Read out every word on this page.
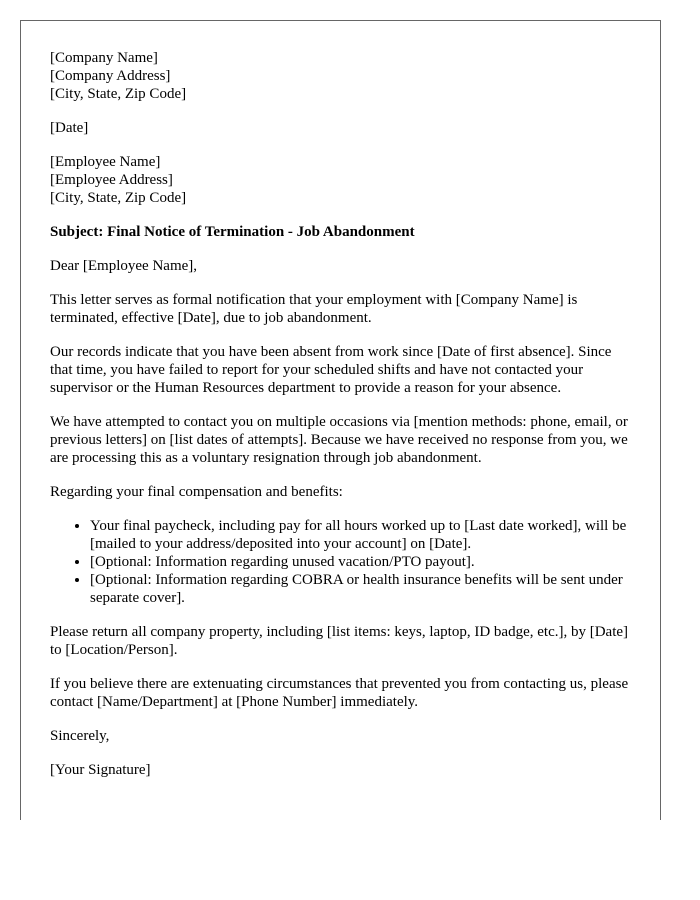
[Company Name]
[Company Address]
[City, State, Zip Code]

[Date]

[Employee Name]
[Employee Address]
[City, State, Zip Code]

Subject: Final Notice of Termination - Job Abandonment

Dear [Employee Name],

This letter serves as formal notification that your employment with [Company Name] is terminated, effective [Date], due to job abandonment.

Our records indicate that you have been absent from work since [Date of first absence]. Since that time, you have failed to report for your scheduled shifts and have not contacted your supervisor or the Human Resources department to provide a reason for your absence.

We have attempted to contact you on multiple occasions via [mention methods: phone, email, or previous letters] on [list dates of attempts]. Because we have received no response from you, we are processing this as a voluntary resignation through job abandonment.

Regarding your final compensation and benefits:

• Your final paycheck, including pay for all hours worked up to [Last date worked], will be [mailed to your address/deposited into your account] on [Date].
• [Optional: Information regarding unused vacation/PTO payout].
• [Optional: Information regarding COBRA or health insurance benefits will be sent under separate cover].

Please return all company property, including [list items: keys, laptop, ID badge, etc.], by [Date] to [Location/Person].

If you believe there are extenuating circumstances that prevented you from contacting us, please contact [Name/Department] at [Phone Number] immediately.

Sincerely,

[Your Signature]
